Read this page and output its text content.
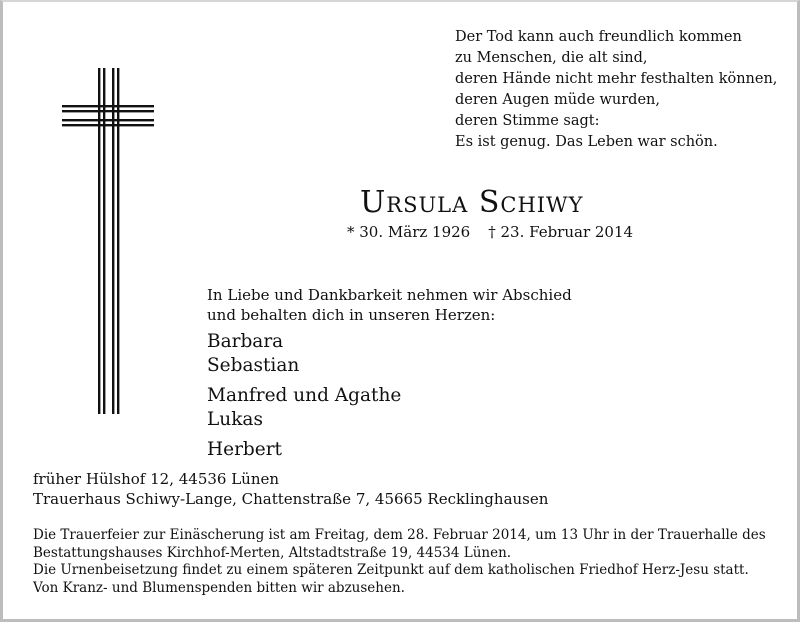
Der Tod kann auch freundlich kommen
zu Menschen, die alt sind,
deren Hände nicht mehr festhalten können,
deren Augen müde wurden,
deren Stimme sagt:
Es ist genug. Das Leben war schön.
Ursula Schiwy
* 30. März 1926 † 23. Februar 2014
In Liebe und Dankbarkeit nehmen wir Abschied
und behalten dich in unseren Herzen:
Barbara
Sebastian
Manfred und Agathe
Lukas
Herbert
früher Hülshof 12, 44536 Lünen
Trauerhaus Schiwy-Lange, Chattenstraße 7, 45665 Recklinghausen
Die Trauerfeier zur Einäscherung ist am Freitag, dem 28. Februar 2014, um 13 Uhr in der Trauerhalle des
Bestattungshauses Kirchhof-Merten, Altstadtstraße 19, 44534 Lünen.
Die Urnenbeisetzung findet zu einem späteren Zeitpunkt auf dem katholischen Friedhof Herz-Jesu statt.
Von Kranz- und Blumenspenden bitten wir abzusehen.
